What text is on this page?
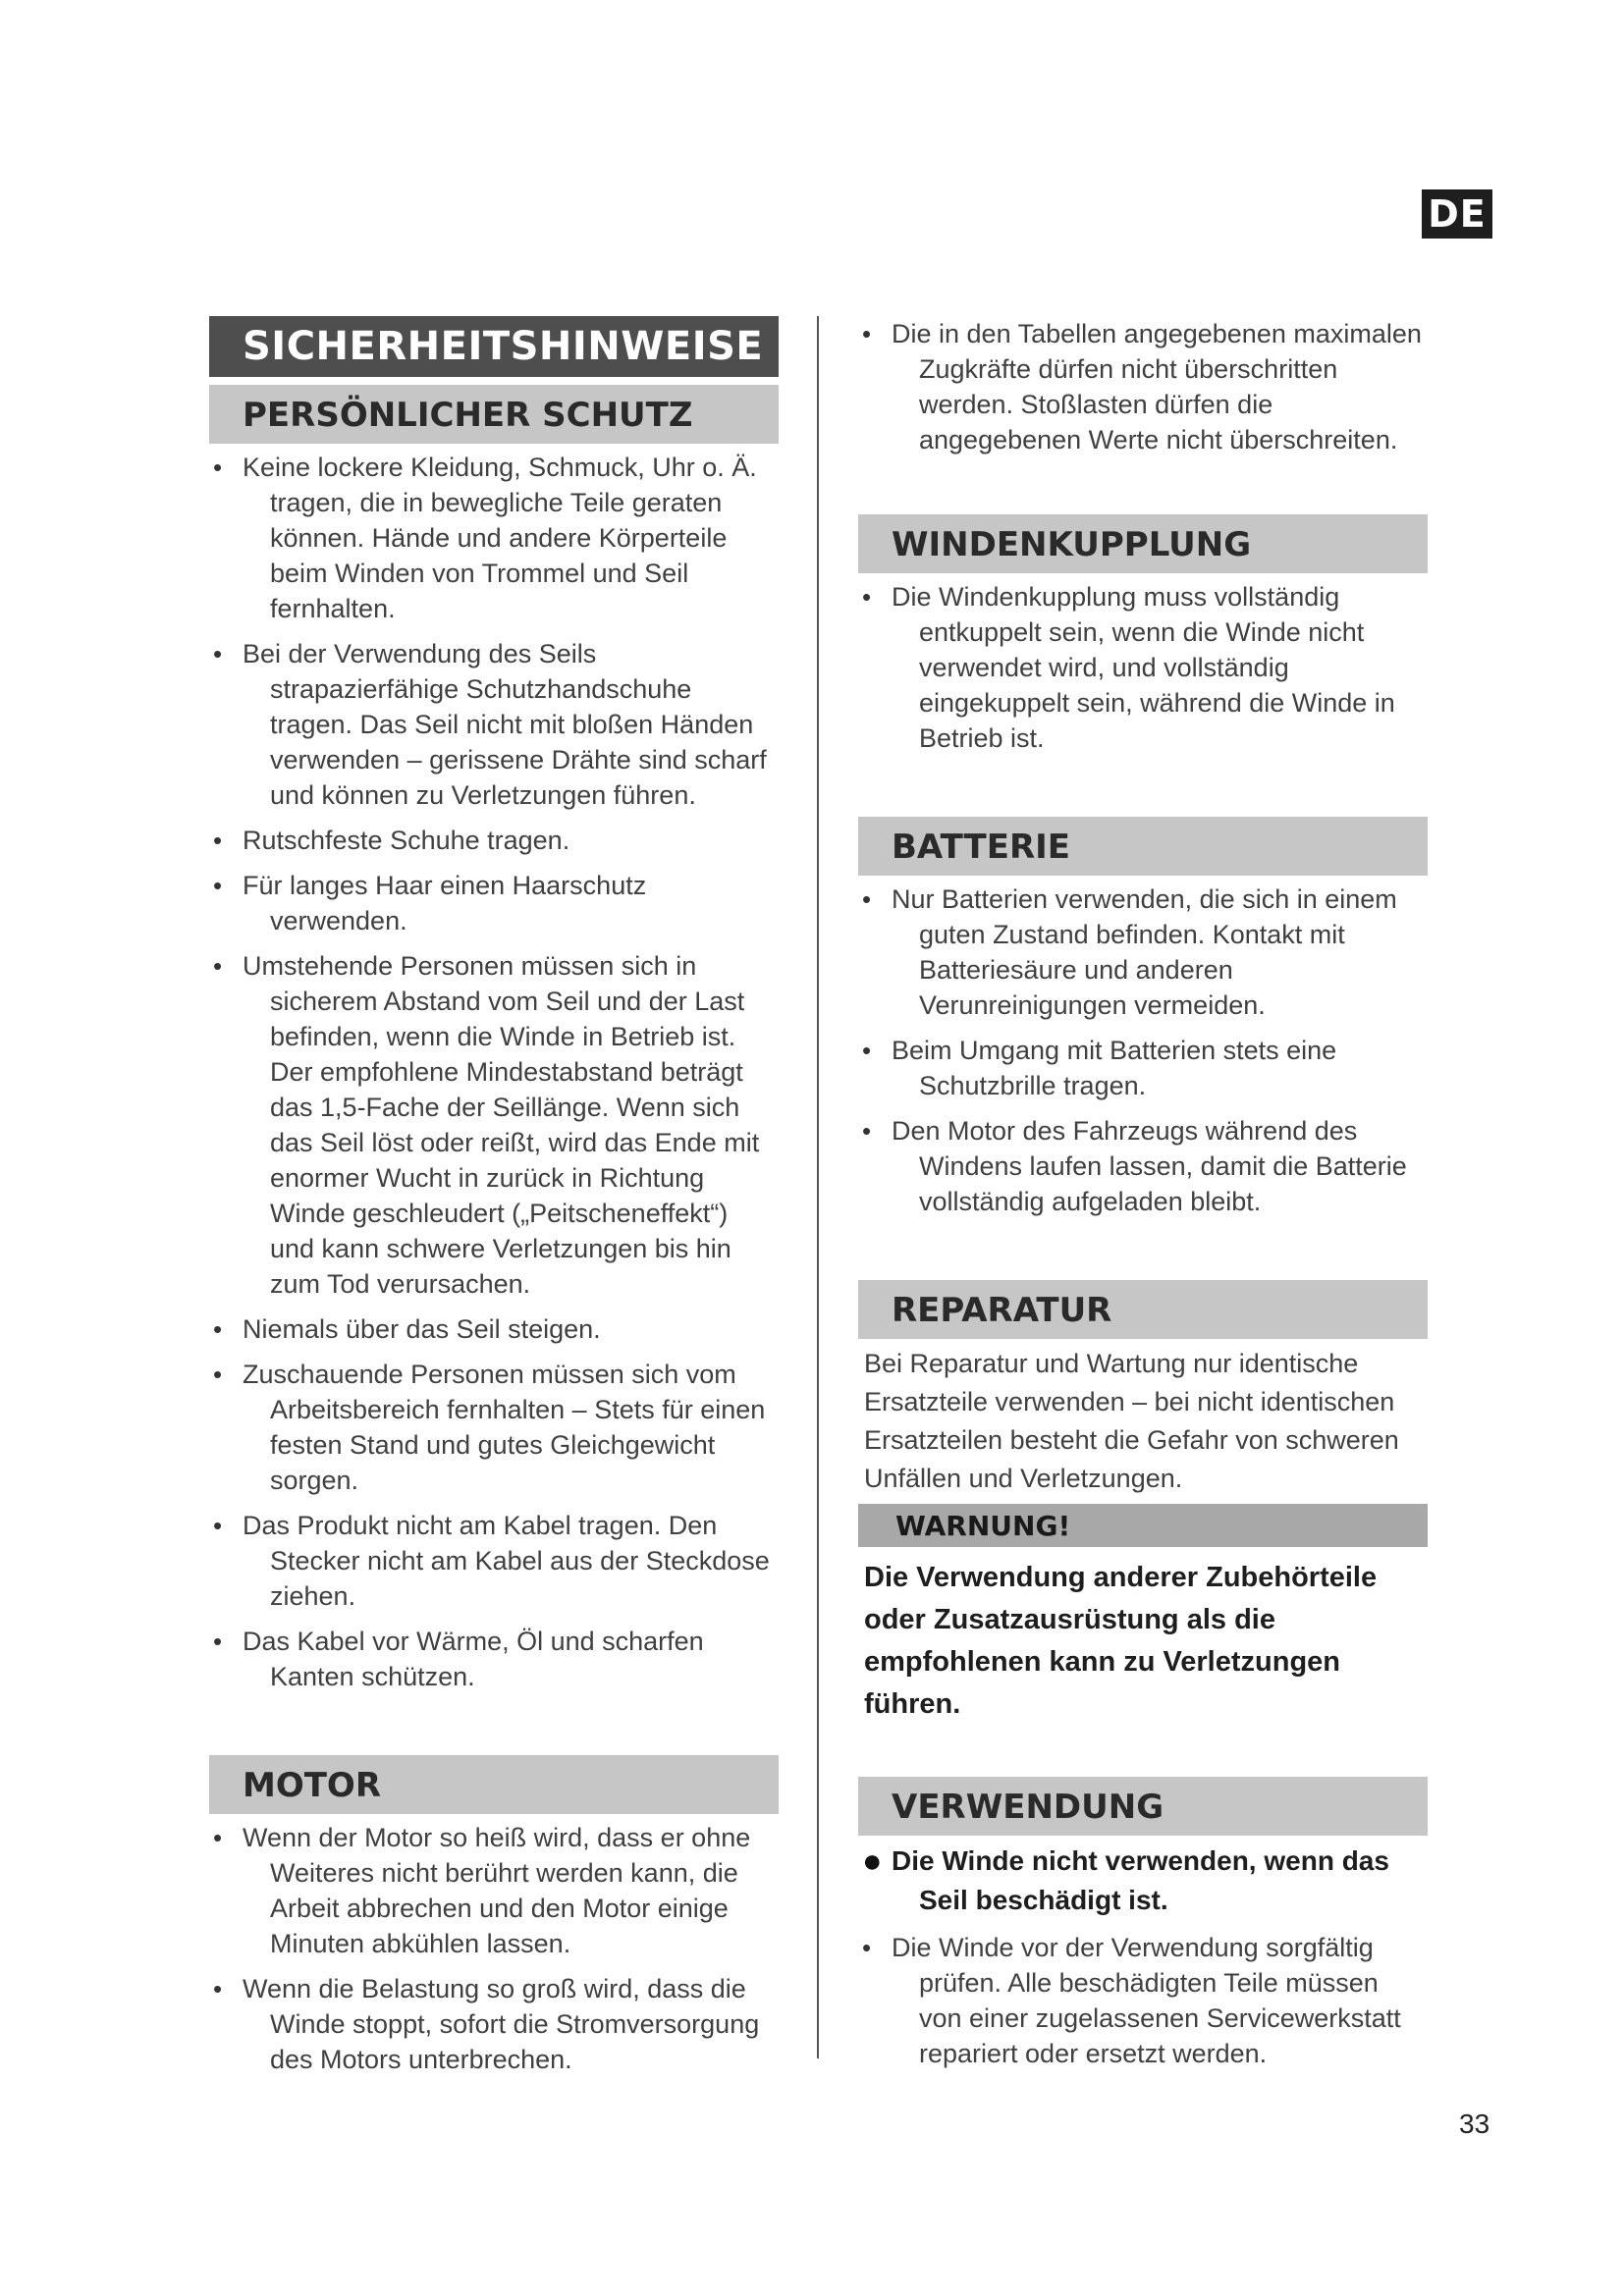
DE
SICHERHEITSHINWEISE
PERSÖNLICHER SCHUTZ
• Keine lockere Kleidung, Schmuck, Uhr o. Ä. tragen, die in bewegliche Teile geraten können. Hände und andere Körperteile beim Winden von Trommel und Seil fernhalten.
• Bei der Verwendung des Seils strapazierfähige Schutzhandschuhe tragen. Das Seil nicht mit bloßen Händen verwenden – gerissene Drähte sind scharf und können zu Verletzungen führen.
• Rutschfeste Schuhe tragen.
• Für langes Haar einen Haarschutz verwenden.
• Umstehende Personen müssen sich in sicherem Abstand vom Seil und der Last befinden, wenn die Winde in Betrieb ist. Der empfohlene Mindestabstand beträgt das 1,5-Fache der Seillänge. Wenn sich das Seil löst oder reißt, wird das Ende mit enormer Wucht in zurück in Richtung Winde geschleudert („Peitscheneffekt“) und kann schwere Verletzungen bis hin zum Tod verursachen.
• Niemals über das Seil steigen.
• Zuschauende Personen müssen sich vom Arbeitsbereich fernhalten – Stets für einen festen Stand und gutes Gleichgewicht sorgen.
• Das Produkt nicht am Kabel tragen. Den Stecker nicht am Kabel aus der Steckdose ziehen.
• Das Kabel vor Wärme, Öl und scharfen Kanten schützen.
MOTOR
• Wenn der Motor so heiß wird, dass er ohne Weiteres nicht berührt werden kann, die Arbeit abbrechen und den Motor einige Minuten abkühlen lassen.
• Wenn die Belastung so groß wird, dass die Winde stoppt, sofort die Stromversorgung des Motors unterbrechen.
• Die in den Tabellen angegebenen maximalen Zugkräfte dürfen nicht überschritten werden. Stoßlasten dürfen die angegebenen Werte nicht überschreiten.
WINDENKUPPLUNG
• Die Windenkupplung muss vollständig entkuppelt sein, wenn die Winde nicht verwendet wird, und vollständig eingekuppelt sein, während die Winde in Betrieb ist.
BATTERIE
• Nur Batterien verwenden, die sich in einem guten Zustand befinden. Kontakt mit Batteriesäure und anderen Verunreinigungen vermeiden.
• Beim Umgang mit Batterien stets eine Schutzbrille tragen.
• Den Motor des Fahrzeugs während des Windens laufen lassen, damit die Batterie vollständig aufgeladen bleibt.
REPARATUR
Bei Reparatur und Wartung nur identische Ersatzteile verwenden – bei nicht identischen Ersatzteilen besteht die Gefahr von schweren Unfällen und Verletzungen.
WARNUNG!
Die Verwendung anderer Zubehörteile oder Zusatzausrüstung als die empfohlenen kann zu Verletzungen führen.
VERWENDUNG
● Die Winde nicht verwenden, wenn das Seil beschädigt ist.
• Die Winde vor der Verwendung sorgfältig prüfen. Alle beschädigten Teile müssen von einer zugelassenen Servicewerkstatt repariert oder ersetzt werden.
33
